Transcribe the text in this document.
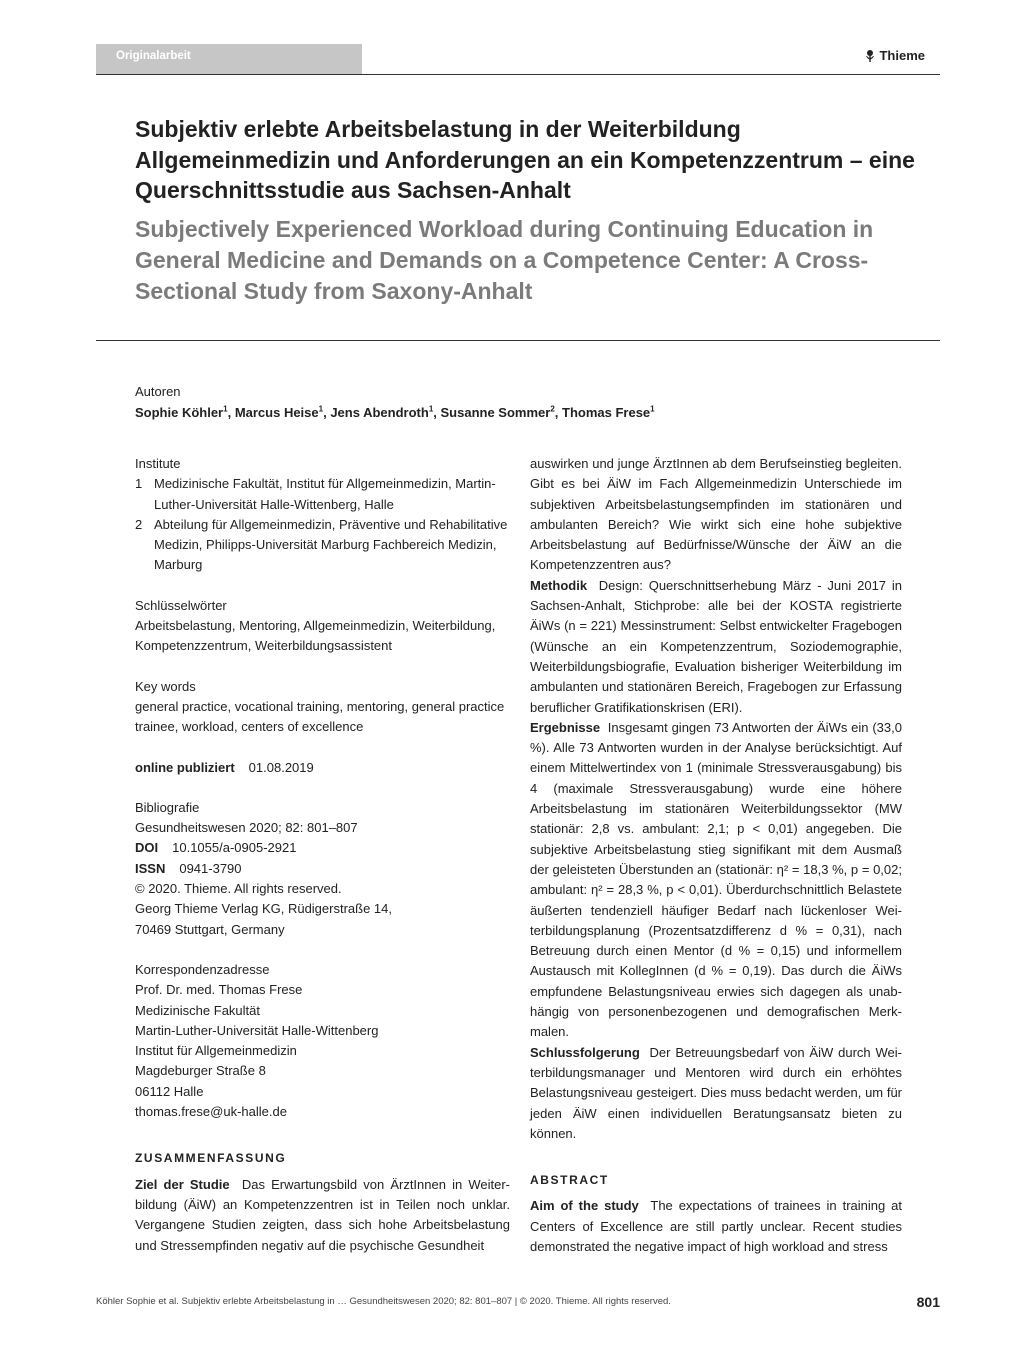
Originalarbeit	Thieme
Subjektiv erlebte Arbeitsbelastung in der Weiterbildung Allgemeinmedizin und Anforderungen an ein Kompetenzzentrum – eine Querschnittsstudie aus Sachsen-Anhalt
Subjectively Experienced Workload during Continuing Education in General Medicine and Demands on a Competence Center: A Cross-Sectional Study from Saxony-Anhalt
Autoren
Sophie Köhler$^1$, Marcus Heise$^1$, Jens Abendroth$^1$, Susanne Sommer$^2$, Thomas Frese$^1$
Institute
1 Medizinische Fakultät, Institut für Allgemeinmedizin, Martin-Luther-Universität Halle-Wittenberg, Halle
2 Abteilung für Allgemeinmedizin, Präventive und Rehabilitative Medizin, Philipps-Universität Marburg Fachbereich Medizin, Marburg
Schlüsselwörter
Arbeitsbelastung, Mentoring, Allgemeinmedizin, Weiterbildung, Kompetenzzentrum, Weiterbildungsassistent
Key words
general practice, vocational training, mentoring, general practice trainee, workload, centers of excellence
online publiziert 01.08.2019
Bibliografie
Gesundheitswesen 2020; 82: 801–807
DOI 10.1055/a-0905-2921
ISSN 0941-3790
© 2020. Thieme. All rights reserved.
Georg Thieme Verlag KG, Rüdigerstraße 14,
70469 Stuttgart, Germany
Korrespondenzadresse
Prof. Dr. med. Thomas Frese
Medizinische Fakultät
Martin-Luther-Universität Halle-Wittenberg
Institut für Allgemeinmedizin
Magdeburger Straße 8
06112 Halle
thomas.frese@uk-halle.de
ZUSAMMENFASSUNG

Ziel der Studie Das Erwartungsbild von ÄrztInnen in Weiterbildung (ÄiW) an Kompetenzzentren ist in Teilen noch unklar. Vergangene Studien zeigten, dass sich hohe Arbeitsbelastung und Stressempfinden negativ auf die psychische Gesundheit

auswirken und junge ÄrztInnen ab dem Berufseinstieg begleiten. Gibt es bei ÄiW im Fach Allgemeinmedizin Unterschiede im subjektiven Arbeitsbelastungsempfinden im stationären und ambulanten Bereich? Wie wirkt sich eine hohe subjektive Arbeitsbelastung auf Bedürfnisse/Wünsche der ÄiW an die Kompetenzzentren aus?

Methodik Design: Querschnittserhebung März - Juni 2017 in Sachsen-Anhalt, Stichprobe: alle bei der KOSTA registrierte ÄiWs (n = 221) Messinstrument: Selbst entwickelter Fragebogen (Wünsche an ein Kompetenzzentrum, Soziodemographie, Weiterbildungsbiografie, Evaluation bisheriger Weiterbildung im ambulanten und stationären Bereich, Fragebogen zur Erfassung beruflicher Gratifikationskrisen (ERI).

Ergebnisse Insgesamt gingen 73 Antworten der ÄiWs ein (33,0 %). Alle 73 Antworten wurden in der Analyse berücksichtigt. Auf einem Mittelwertindex von 1 (minimale Stressverausgabung) bis 4 (maximale Stressverausgabung) wurde eine höhere Arbeitsbelastung im stationären Weiterbildungssektor (MW stationär: 2,8 vs. ambulant: 2,1; p < 0,01) angegeben. Die subjektive Arbeitsbelastung stieg signifikant mit dem Ausmaß der geleisteten Überstunden an (stationär: η² = 18,3 %, p = 0,02; ambulant: η² = 28,3 %, p < 0,01). Überdurchschnittlich Belastete äußerten tendenziell häufiger Bedarf nach lückenloser Weiterbildungsplanung (Prozentsatzdifferenz d % = 0,31), nach Betreuung durch einen Mentor (d % = 0,15) und informellem Austausch mit KollegInnen (d % = 0,19). Das durch die ÄiWs empfundene Belastungsniveau erwies sich dagegen als unabhängig von personenbezogenen und demografischen Merkmalen.

Schlussfolgerung Der Betreuungsbedarf von ÄiW durch Weiterbildungsmanager und Mentoren wird durch ein erhöhtes Belastungsniveau gesteigert. Dies muss bedacht werden, um für jeden ÄiW einen individuellen Beratungsansatz bieten zu können.

ABSTRACT

Aim of the study The expectations of trainees in training at Centers of Excellence are still partly unclear. Recent studies demonstrated the negative impact of high workload and stress

Köhler Sophie et al. Subjektiv erlebte Arbeitsbelastung in … Gesundheitswesen 2020; 82: 801–807 | © 2020. Thieme. All rights reserved.	801
